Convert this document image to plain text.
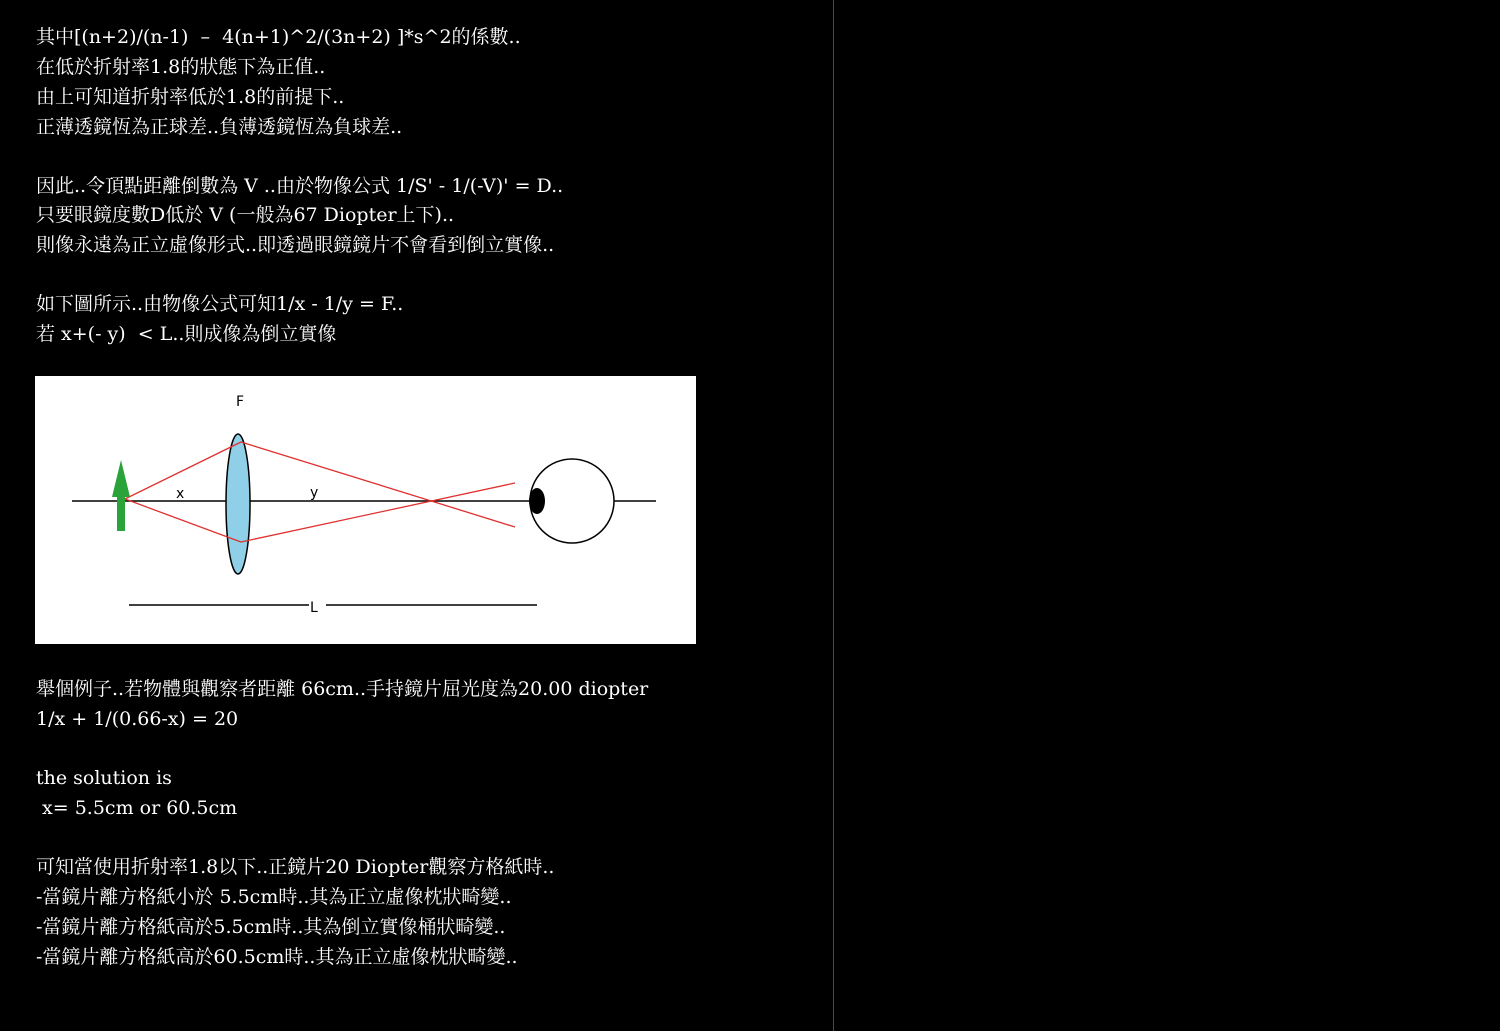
其中[(n+2)/(n-1)  –  4(n+1)^2/(3n+2) ]*s^2的係數..
在低於折射率1.8的狀態下為正值..
由上可知道折射率低於1.8的前提下..
正薄透鏡恆為正球差..負薄透鏡恆為負球差..
因此..令頂點距離倒數為 V ..由於物像公式 1/S' - 1/(-V)' = D..
只要眼鏡度數D低於 V (一般為67 Diopter上下)..
則像永遠為正立虛像形式..即透過眼鏡鏡片不會看到倒立實像..
如下圖所示..由物像公式可知1/x - 1/y = F..
若 x+(- y)  < L..則成像為倒立實像
F
x	y
L
舉個例子..若物體與觀察者距離 66cm..手持鏡片屈光度為20.00 diopter
1/x + 1/(0.66-x) = 20
the solution is
x= 5.5cm or 60.5cm
可知當使用折射率1.8以下..正鏡片20 Diopter觀察方格紙時..
-當鏡片離方格紙小於 5.5cm時..其為正立虛像枕狀畸變..
-當鏡片離方格紙高於5.5cm時..其為倒立實像桶狀畸變..
-當鏡片離方格紙高於60.5cm時..其為正立虛像枕狀畸變..
